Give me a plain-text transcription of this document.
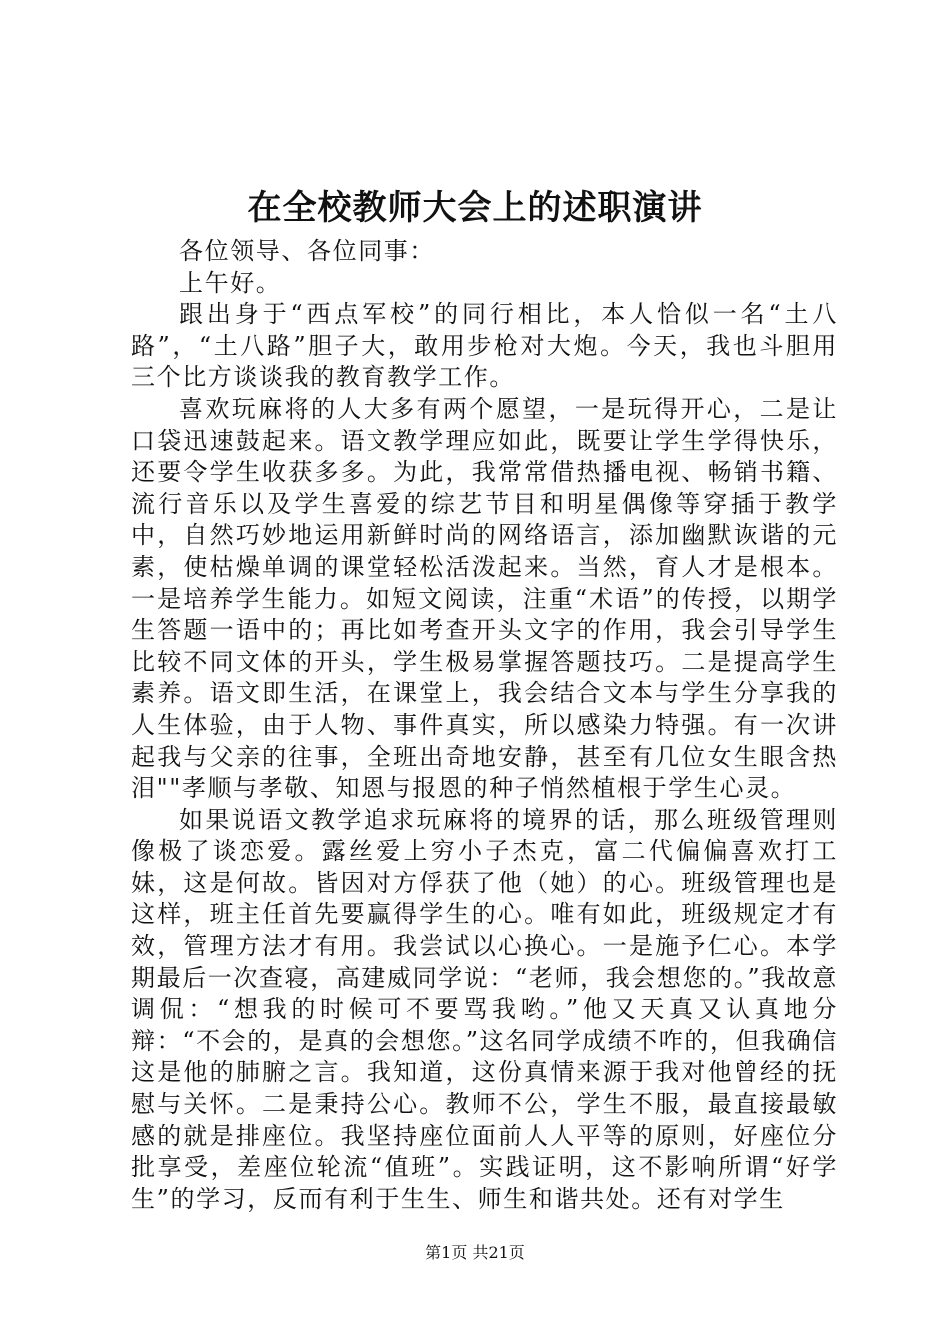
在全校教师大会上的述职演讲

各位领导、各位同事：

上午好。

跟出身于“西点军校”的同行相比，本人恰似一名“土八路”，“土八路”胆子大，敢用步枪对大炮。今天，我也斗胆用三个比方谈谈我的教育教学工作。

喜欢玩麻将的人大多有两个愿望，一是玩得开心，二是让口袋迅速鼓起来。语文教学理应如此，既要让学生学得快乐，还要令学生收获多多。为此，我常常借热播电视、畅销书籍、流行音乐以及学生喜爱的综艺节目和明星偶像等穿插于教学中，自然巧妙地运用新鲜时尚的网络语言，添加幽默诙谐的元素，使枯燥单调的课堂轻松活泼起来。当然，育人才是根本。一是培养学生能力。如短文阅读，注重“术语”的传授，以期学生答题一语中的；再比如考查开头文字的作用，我会引导学生比较不同文体的开头，学生极易掌握答题技巧。二是提高学生素养。语文即生活，在课堂上，我会结合文本与学生分享我的人生体验，由于人物、事件真实，所以感染力特强。有一次讲起我与父亲的往事，全班出奇地安静，甚至有几位女生眼含热泪""孝顺与孝敬、知恩与报恩的种子悄然植根于学生心灵。

如果说语文教学追求玩麻将的境界的话，那么班级管理则像极了谈恋爱。露丝爱上穷小子杰克，富二代偏偏喜欢打工妹，这是何故。皆因对方俘获了他（她）的心。班级管理也是这样，班主任首先要赢得学生的心。唯有如此，班级规定才有效，管理方法才有用。我尝试以心换心。一是施予仁心。本学期最后一次查寝，高建威同学说：“老师，我会想您的。”我故意调侃：“想我的时候可不要骂我哟。”他又天真又认真地分辩：“不会的，是真的会想您。”这名同学成绩不咋的，但我确信这是他的肺腑之言。我知道，这份真情来源于我对他曾经的抚慰与关怀。二是秉持公心。教师不公，学生不服，最直接最敏感的就是排座位。我坚持座位面前人人平等的原则，好座位分批享受，差座位轮流“值班”。实践证明，这不影响所谓“好学生”的学习，反而有利于生生、师生和谐共处。还有对学生

第1页 共21页
